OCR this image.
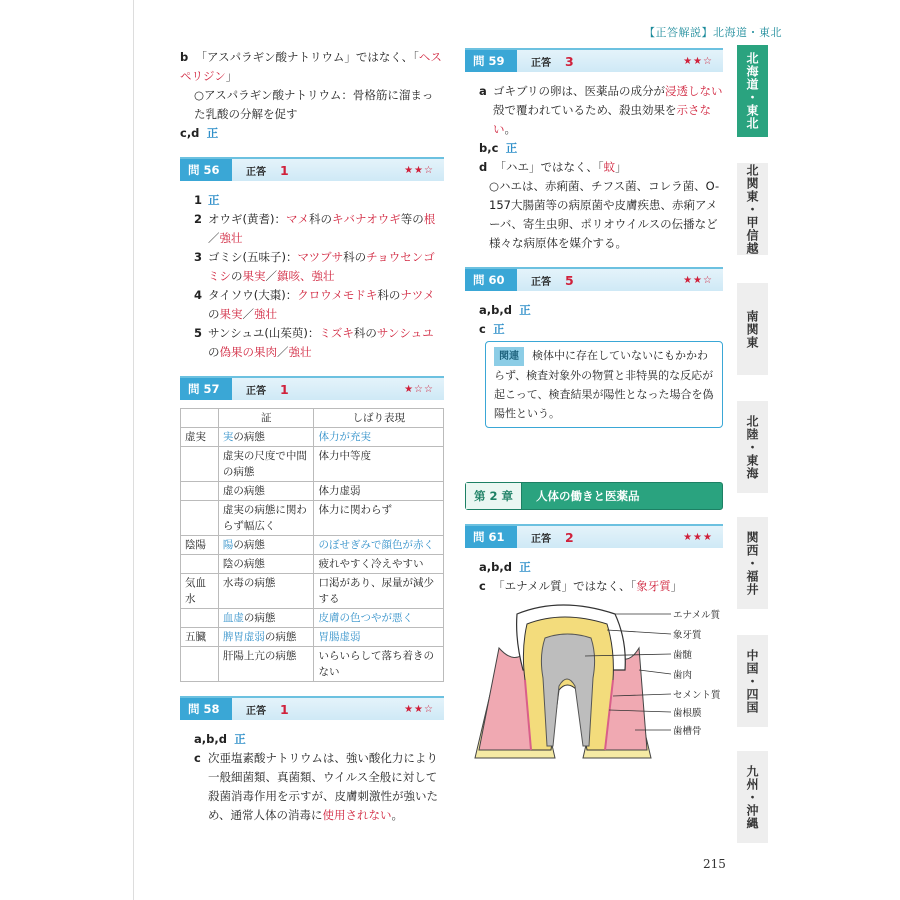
【正答解説】北海道・東北
b 「アスパラギン酸ナトリウム」ではなく、「ヘスペリジン」
○アスパラギン酸ナトリウム：骨格筋に溜まった乳酸の分解を促す
c,d 正
問 56	正答 1	★★☆
1 正
2 オウギ(黄耆)：マメ科のキバナオウギ等の根／強壮
3 ゴミシ(五味子)：マツブサ科のチョウセンゴミシの果実／鎮咳、強壮
4 タイソウ(大棗)：クロウメモドキ科のナツメの果実／強壮
5 サンシュユ(山茱萸)：ミズキ科のサンシュユの偽果の果肉／強壮
問 57	正答 1	★☆☆
	証	しばり表現
虚実	実の病態	体力が充実
	虚実の尺度で中間の病態	体力中等度
	虚の病態	体力虚弱
	虚実の病態に関わらず幅広く	体力に関わらず
陰陽	陽の病態	のぼせぎみで顔色が赤く
	陰の病態	疲れやすく冷えやすい
気血水	水毒の病態	口渇があり、尿量が減少する
	血虚の病態	皮膚の色つやが悪く
五臓	脾胃虚弱の病態	胃腸虚弱
	肝陽上亢の病態	いらいらして落ち着きのない
問 58	正答 1	★★☆
a,b,d 正
c 次亜塩素酸ナトリウムは、強い酸化力により一般細菌類、真菌類、ウイルス全般に対して殺菌消毒作用を示すが、皮膚刺激性が強いため、通常人体の消毒に使用されない。
問 59	正答 3	★★☆
a ゴキブリの卵は、医薬品の成分が浸透しない殻で覆われているため、殺虫効果を示さない。
b,c 正
d 「ハエ」ではなく、「蚊」
○ハエは、赤痢菌、チフス菌、コレラ菌、O-157大腸菌等の病原菌や皮膚疾患、赤痢アメーバ、寄生虫卵、ポリオウイルスの伝播など様々な病原体を媒介する。
問 60	正答 5	★★☆
a,b,d 正
c 正
関連 検体中に存在していないにもかかわらず、検査対象外の物質と非特異的な反応が起こって、検査結果が陽性となった場合を偽陽性という。
第 2 章	人体の働きと医薬品
問 61	正答 2	★★★
a,b,d 正
c 「エナメル質」ではなく、「象牙質」
エナメル質
象牙質
歯髄
歯肉
セメント質
歯根膜
歯槽骨
北海道・東北
北関東・甲信越
南関東
北陸・東海
関西・福井
中国・四国
九州・沖縄
215
